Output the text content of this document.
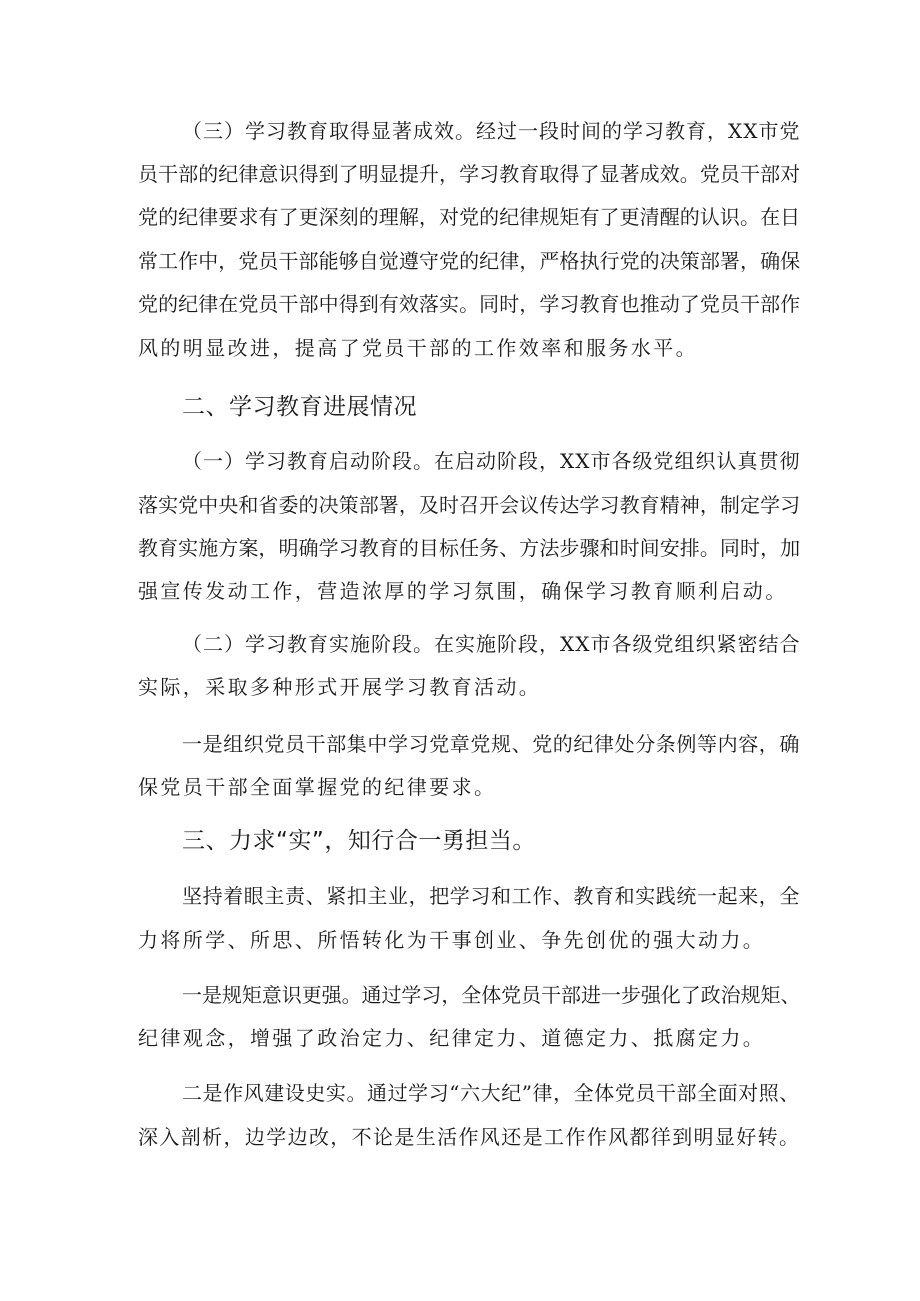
（三）学习教育取得显著成效。经过一段时间的学习教育，XX市党
员干部的纪律意识得到了明显提升，学习教育取得了显著成效。党员干部对
党的纪律要求有了更深刻的理解，对党的纪律规矩有了更清醒的认识。在日
常工作中，党员干部能够自觉遵守党的纪律，严格执行党的决策部署，确保
党的纪律在党员干部中得到有效落实。同时，学习教育也推动了党员干部作
风的明显改进，提高了党员干部的工作效率和服务水平。
二、学习教育进展情况
（一）学习教育启动阶段。在启动阶段，XX市各级党组织认真贯彻
落实党中央和省委的决策部署，及时召开会议传达学习教育精神，制定学习
教育实施方案，明确学习教育的目标任务、方法步骤和时间安排。同时，加
强宣传发动工作，营造浓厚的学习氛围，确保学习教育顺利启动。
（二）学习教育实施阶段。在实施阶段，XX市各级党组织紧密结合
实际，采取多种形式开展学习教育活动。
一是组织党员干部集中学习党章党规、党的纪律处分条例等内容，确
保党员干部全面掌握党的纪律要求。
三、力求“实”，知行合一勇担当。
坚持着眼主责、紧扣主业，把学习和工作、教育和实践统一起来，全
力将所学、所思、所悟转化为干事创业、争先创优的强大动力。
一是规矩意识更强。通过学习，全体党员干部进一步强化了政治规矩、
纪律观念，增强了政治定力、纪律定力、道德定力、抵腐定力。
二是作风建设史实。通过学习“六大纪”律，全体党员干部全面对照、
深入剖析，边学边改，不论是生活作风还是工作作风都徉到明显好转。
